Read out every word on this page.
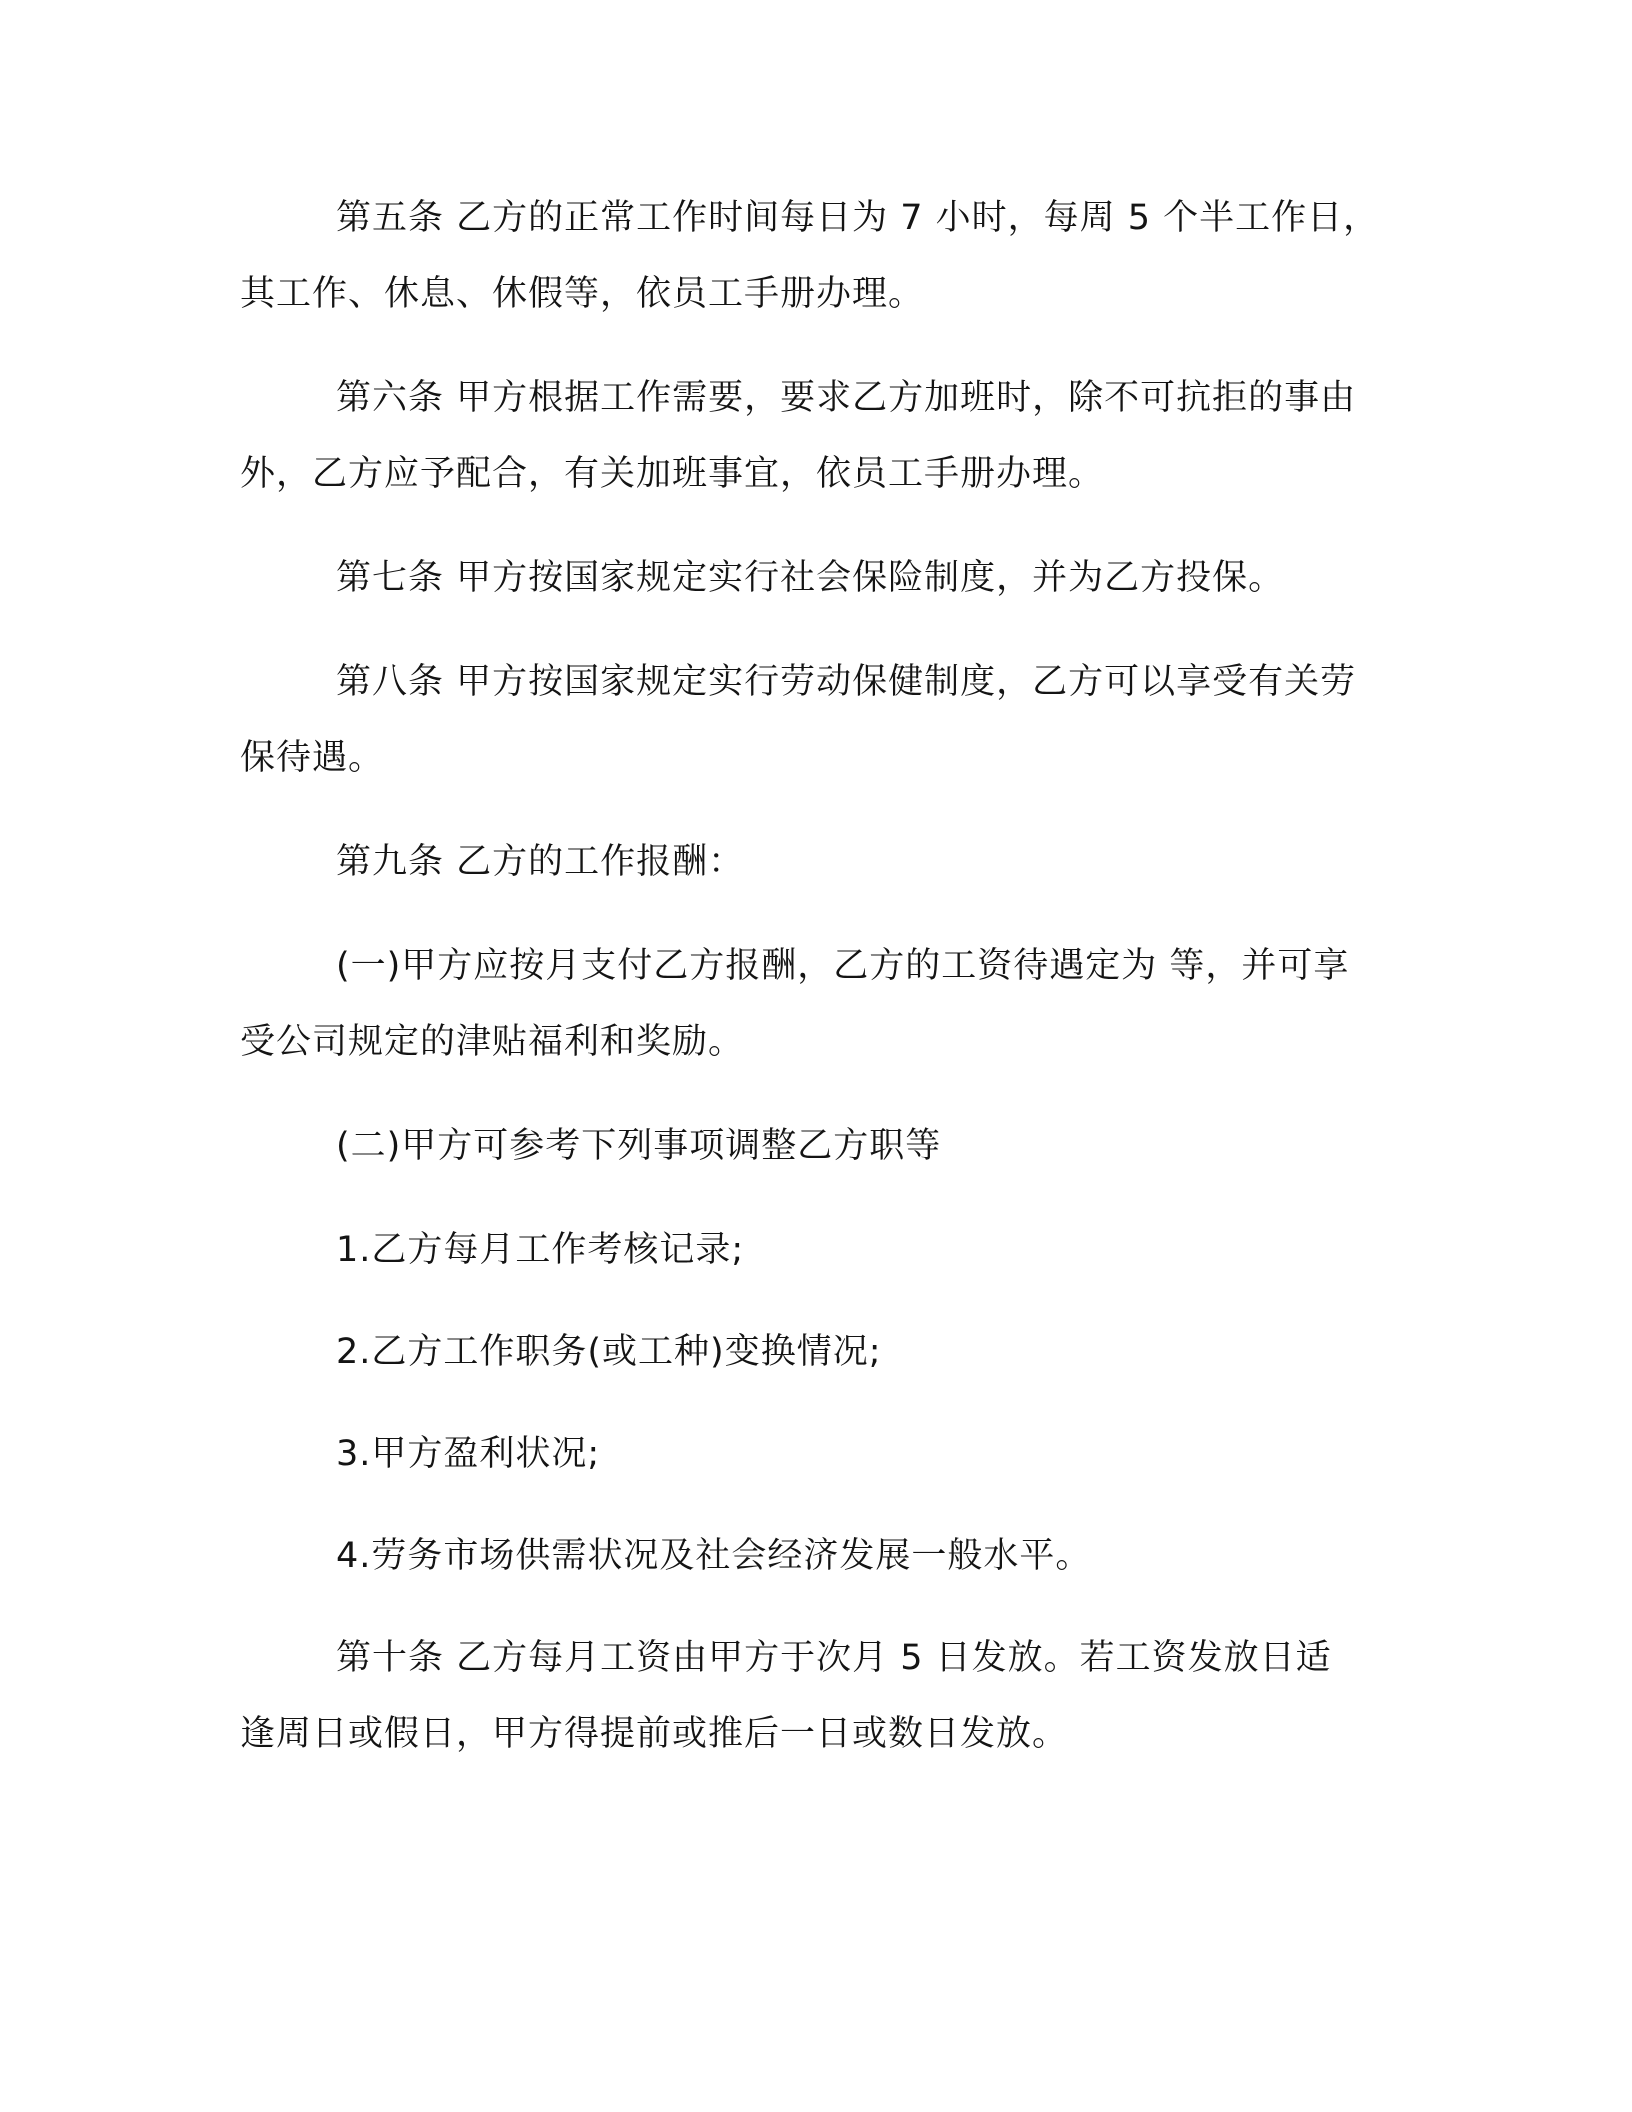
第五条 乙方的正常工作时间每日为 7 小时，每周 5 个半工作日，

其工作、休息、休假等，依员工手册办理。

第六条 甲方根据工作需要，要求乙方加班时，除不可抗拒的事由

外，乙方应予配合，有关加班事宜，依员工手册办理。

第七条 甲方按国家规定实行社会保险制度，并为乙方投保。

第八条 甲方按国家规定实行劳动保健制度，乙方可以享受有关劳

保待遇。

第九条 乙方的工作报酬：

(一)甲方应按月支付乙方报酬，乙方的工资待遇定为 等，并可享

受公司规定的津贴福利和奖励。

(二)甲方可参考下列事项调整乙方职等

1.乙方每月工作考核记录;

2.乙方工作职务(或工种)变换情况;

3.甲方盈利状况;

4.劳务市场供需状况及社会经济发展一般水平。

第十条 乙方每月工资由甲方于次月 5 日发放。若工资发放日适

逢周日或假日，甲方得提前或推后一日或数日发放。
